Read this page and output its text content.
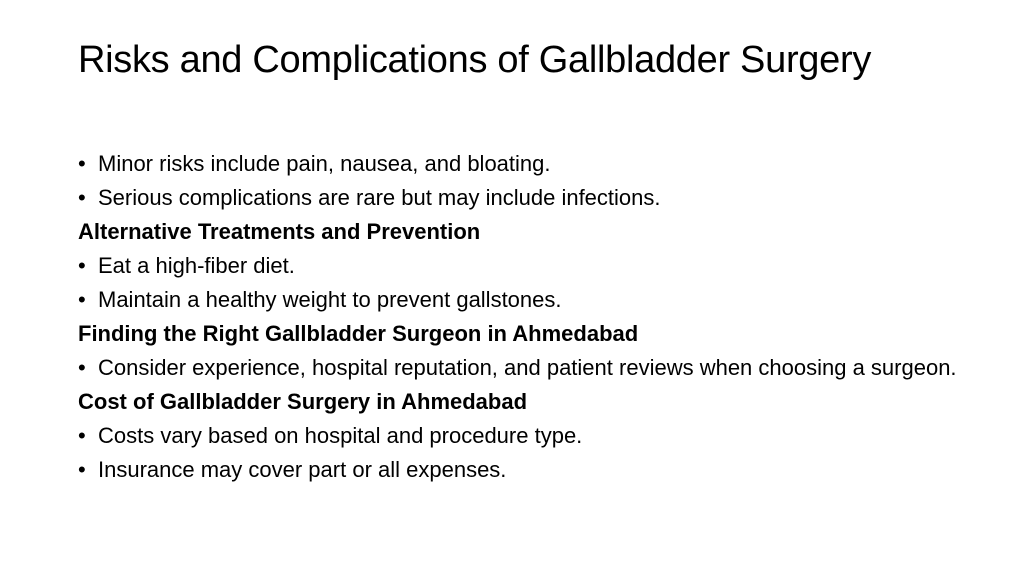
Risks and Complications of Gallbladder Surgery
• Minor risks include pain, nausea, and bloating.
• Serious complications are rare but may include infections.
Alternative Treatments and Prevention
• Eat a high-fiber diet.
• Maintain a healthy weight to prevent gallstones.
Finding the Right Gallbladder Surgeon in Ahmedabad
• Consider experience, hospital reputation, and patient reviews when choosing a surgeon.
Cost of Gallbladder Surgery in Ahmedabad
• Costs vary based on hospital and procedure type.
• Insurance may cover part or all expenses.
